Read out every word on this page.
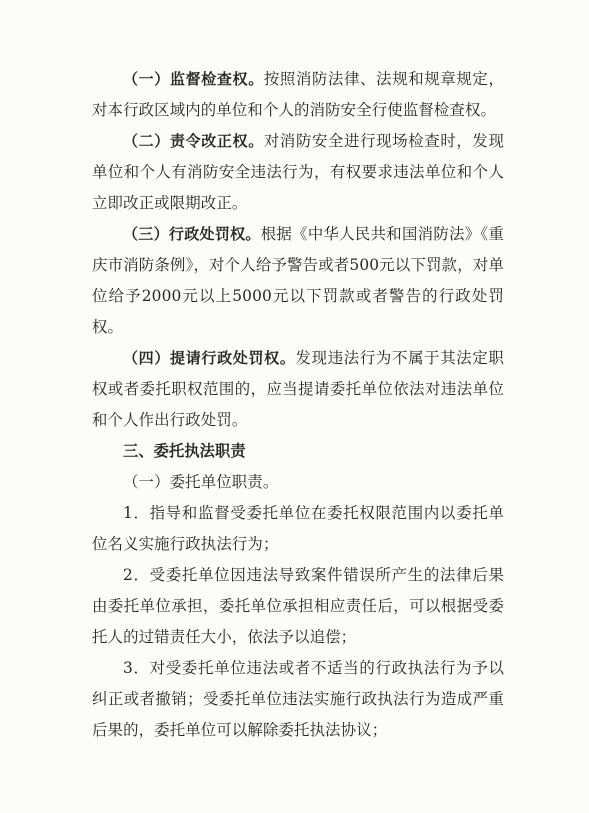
（一）监督检查权。按照消防法律、法规和规章规定，对本行政区域内的单位和个人的消防安全行使监督检查权。

（二）责令改正权。对消防安全进行现场检查时，发现单位和个人有消防安全违法行为，有权要求违法单位和个人立即改正或限期改正。

（三）行政处罚权。根据《中华人民共和国消防法》《重庆市消防条例》，对个人给予警告或者500元以下罚款，对单位给予2000元以上5000元以下罚款或者警告的行政处罚权。

（四）提请行政处罚权。发现违法行为不属于其法定职权或者委托职权范围的，应当提请委托单位依法对违法单位和个人作出行政处罚。

三、委托执法职责

（一）委托单位职责。

1．指导和监督受委托单位在委托权限范围内以委托单位名义实施行政执法行为；

2．受委托单位因违法导致案件错误所产生的法律后果由委托单位承担，委托单位承担相应责任后，可以根据受委托人的过错责任大小，依法予以追偿；

3．对受委托单位违法或者不适当的行政执法行为予以纠正或者撤销；受委托单位违法实施行政执法行为造成严重后果的，委托单位可以解除委托执法协议；
